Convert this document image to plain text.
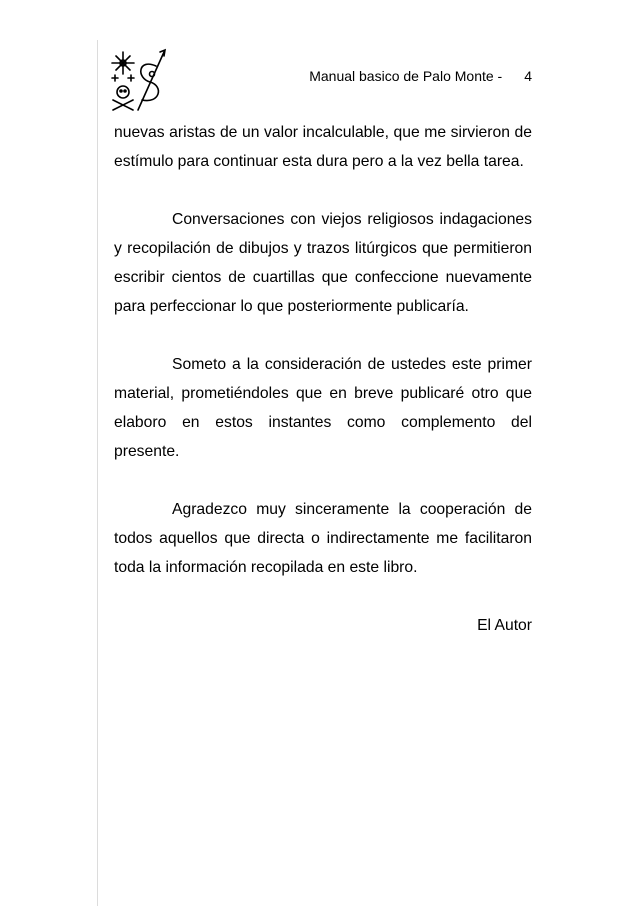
Manual basico de Palo Monte - 4

nuevas aristas de un valor incalculable, que me sirvieron de estímulo para continuar esta dura pero a la vez bella tarea.

Conversaciones con viejos religiosos indagaciones y recopilación de dibujos y trazos litúrgicos que permitieron escribir cientos de cuartillas que confeccione nuevamente para perfeccionar lo que posteriormente publicaría.

Someto a la consideración de ustedes este primer material, prometiéndoles que en breve publicaré otro que elaboro en estos instantes como complemento del presente.

Agradezco muy sinceramente la cooperación de todos aquellos que directa o indirectamente me facilitaron toda la información recopilada en este libro.

El Autor
